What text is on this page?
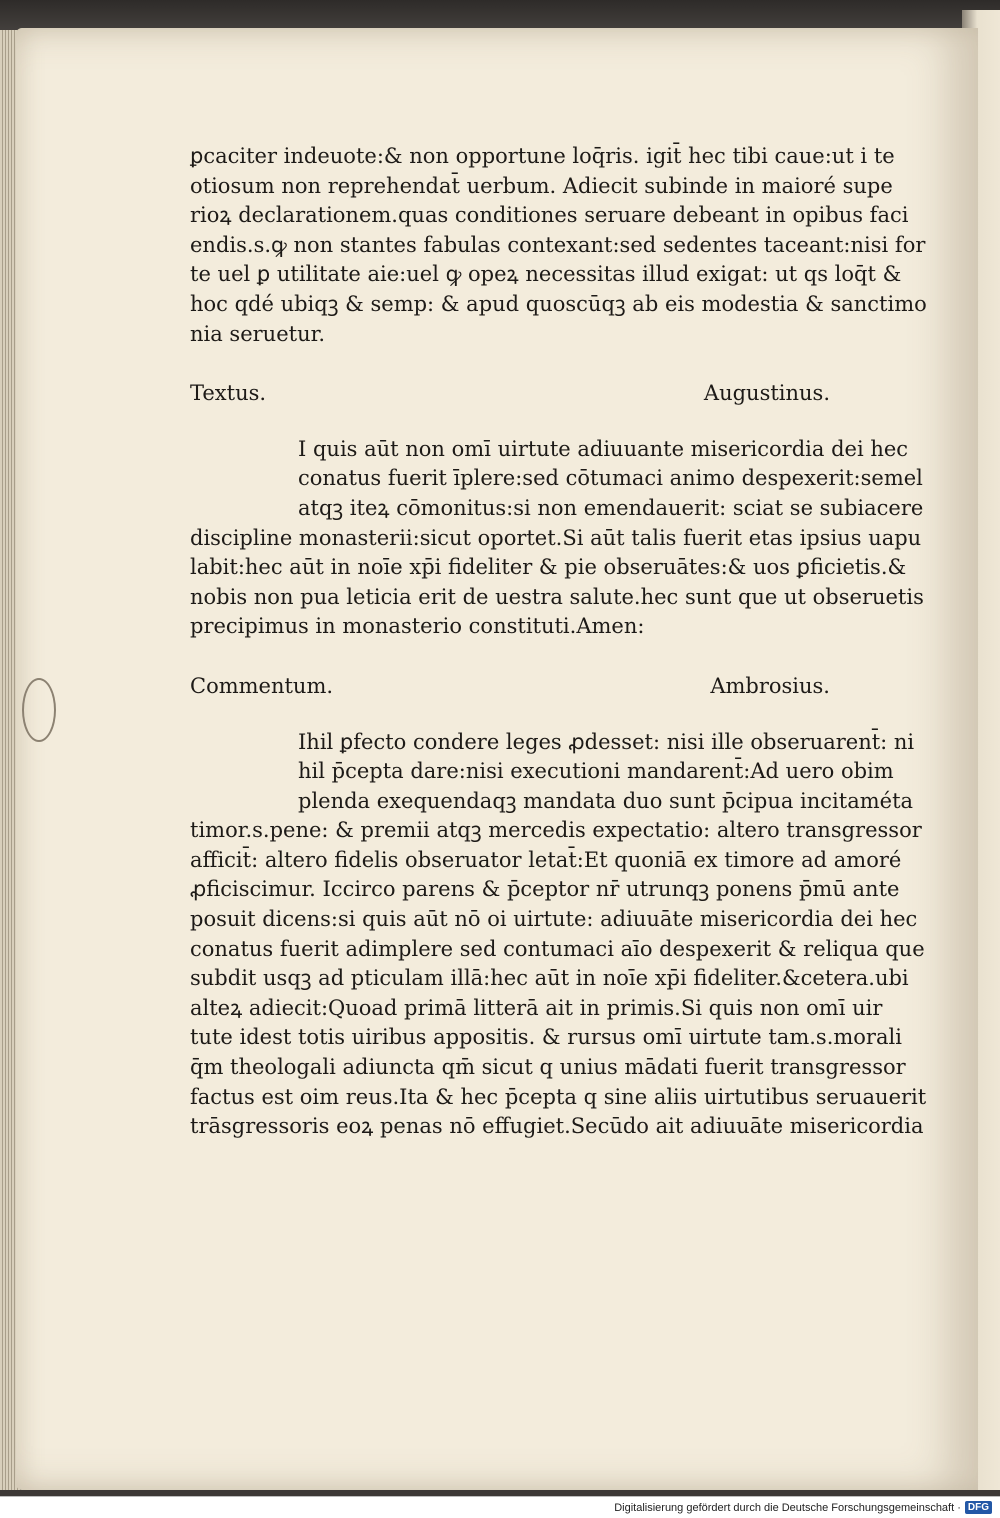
ꝑcaciter indeuote:& non opportune loq̄ris. igit̄ hec tibi caue:ut i te
otiosum non reprehendat̄ uerbum. Adiecit subinde in maioré supe
rioꝝ declarationem.quas conditiones seruare debeant in opibus faci
endis.s.ꝙ non stantes fabulas contexant:sed sedentes taceant:nisi for
te uel ꝑ utilitate aie:uel ꝙ opeꝝ necessitas illud exigat: ut qs loq̄t &
hoc qdé ubiqꝫ & semp: & apud quoscūqꝫ ab eis modestia & sanctimo
nia seruetur.

Textus.	Augustinus.

I quis aūt non omī uirtute adiuuante misericordia dei hec
conatus fuerit īplere:sed cōtumaci animo despexerit:semel
atqꝫ iteꝝ cōmonitus:si non emendauerit: sciat se subiacere
discipline monasterii:sicut oportet.Si aūt talis fuerit etas ipsius uapu
labit:hec aūt in noīe xp̄i fideliter & pie obseruātes:& uos ꝑficietis.&
nobis non pua leticia erit de uestra salute.hec sunt que ut obseruetis
precipimus in monasterio constituti.Amen:

Commentum.	Ambrosius.

Ihil ꝑfecto condere leges ꝓdesset: nisi ille obseruarent̄: ni
hil p̄cepta dare:nisi executioni mandarent̄:Ad uero obim
plenda exequendaqꝫ mandata duo sunt p̄cipua incitaméta
timor.s.pene: & premii atqꝫ mercedis expectatio: altero transgressor
afficit̄: altero fidelis obseruator letat̄:Et quoniā ex timore ad amoré
ꝓficiscimur. Iccirco parens & p̄ceptor nr̄ utrunqꝫ ponens p̄mū ante
posuit dicens:si quis aūt nō oi uirtute: adiuuāte misericordia dei hec
conatus fuerit adimplere sed contumaci aīo despexerit & reliqua que
subdit usqꝫ ad pticulam illā:hec aūt in noīe xp̄i fideliter.&cetera.ubi
alteꝝ adiecit:Quoad primā litterā ait in primis.Si quis non omī uir
tute idest totis uiribus appositis. & rursus omī uirtute tam.s.morali
q̄m theologali adiuncta qm̄ sicut q unius mādati fuerit transgressor
factus est oim reus.Ita & hec p̄cepta q sine aliis uirtutibus seruauerit
trāsgressoris eoꝝ penas nō effugiet.Secūdo ait adiuuāte misericordia

Digitalisierung gefördert durch die Deutsche Forschungsgemeinschaft · DFG
